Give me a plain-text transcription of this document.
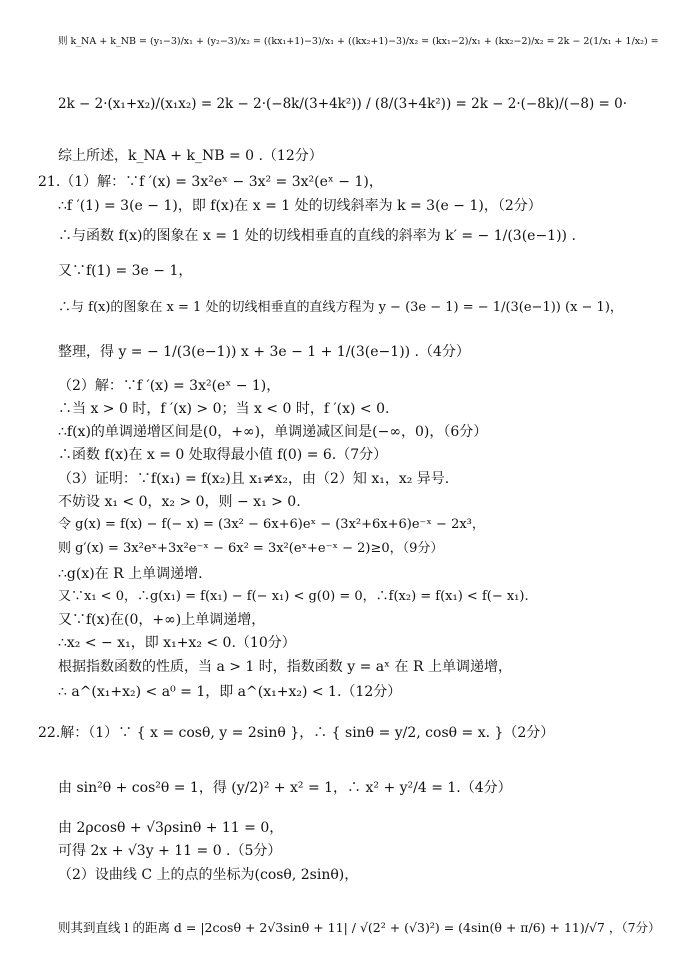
则 k_NA + k_NB = (y₁−3)/x₁ + (y₂−3)/x₂ = ((kx₁+1)−3)/x₁ + ((kx₂+1)−3)/x₂ = (kx₁−2)/x₁ + (kx₂−2)/x₂ = 2k − 2(1/x₁ + 1/x₂) =
2k − 2·(x₁+x₂)/(x₁x₂) = 2k − 2·(−8k/(3+4k²)) / (8/(3+4k²)) = 2k − 2·(−8k)/(−8) = 0·
综上所述，k_NA + k_NB = 0 .（12分）
21.（1）解：∵f ′(x) = 3x²eˣ − 3x² = 3x²(eˣ − 1)，
∴f ′(1) = 3(e − 1)，即 f(x)在 x = 1 处的切线斜率为 k = 3(e − 1)，（2分）
∴与函数 f(x)的图象在 x = 1 处的切线相垂直的直线的斜率为 k′ = − 1/(3(e−1)) .
又∵f(1) = 3e − 1，
∴与 f(x)的图象在 x = 1 处的切线相垂直的直线方程为 y − (3e − 1) = − 1/(3(e−1)) (x − 1)，
整理，得 y = − 1/(3(e−1)) x + 3e − 1 + 1/(3(e−1)) .（4分）
（2）解：∵f ′(x) = 3x²(eˣ − 1)，
∴当 x > 0 时，f ′(x) > 0；当 x < 0 时，f ′(x) < 0.
∴f(x)的单调递增区间是(0，+∞)，单调递减区间是(−∞，0)，（6分）
∴函数 f(x)在 x = 0 处取得最小值 f(0) = 6.（7分）
（3）证明：∵f(x₁) = f(x₂)且 x₁≠x₂，由（2）知 x₁，x₂ 异号.
不妨设 x₁ < 0，x₂ > 0，则 − x₁ > 0.
令 g(x) = f(x) − f(− x) = (3x² − 6x+6)eˣ − (3x²+6x+6)e⁻ˣ − 2x³，
则 g′(x) = 3x²eˣ+3x²e⁻ˣ − 6x² = 3x²(eˣ+e⁻ˣ − 2)≥0，（9分）
∴g(x)在 R 上单调递增.
又∵x₁ < 0，∴g(x₁) = f(x₁) − f(− x₁) < g(0) = 0，∴f(x₂) = f(x₁) < f(− x₁).
又∵f(x)在(0，+∞)上单调递增，
∴x₂ < − x₁，即 x₁+x₂ < 0.（10分）
根据指数函数的性质，当 a > 1 时，指数函数 y = aˣ 在 R 上单调递增，
∴ a^(x₁+x₂) < a⁰ = 1，即 a^(x₁+x₂) < 1.（12分）
22.解：（1）∵ { x = cosθ, y = 2sinθ }，∴ { sinθ = y/2, cosθ = x. }（2分）
由 sin²θ + cos²θ = 1，得 (y/2)² + x² = 1，∴ x² + y²/4 = 1.（4分）
由 2ρcosθ + √3ρsinθ + 11 = 0，
可得 2x + √3y + 11 = 0 .（5分）
（2）设曲线 C 上的点的坐标为(cosθ, 2sinθ)，
则其到直线 l 的距离 d = |2cosθ + 2√3sinθ + 11| / √(2² + (√3)²) = (4sin(θ + π/6) + 11)/√7 ，（7分）
